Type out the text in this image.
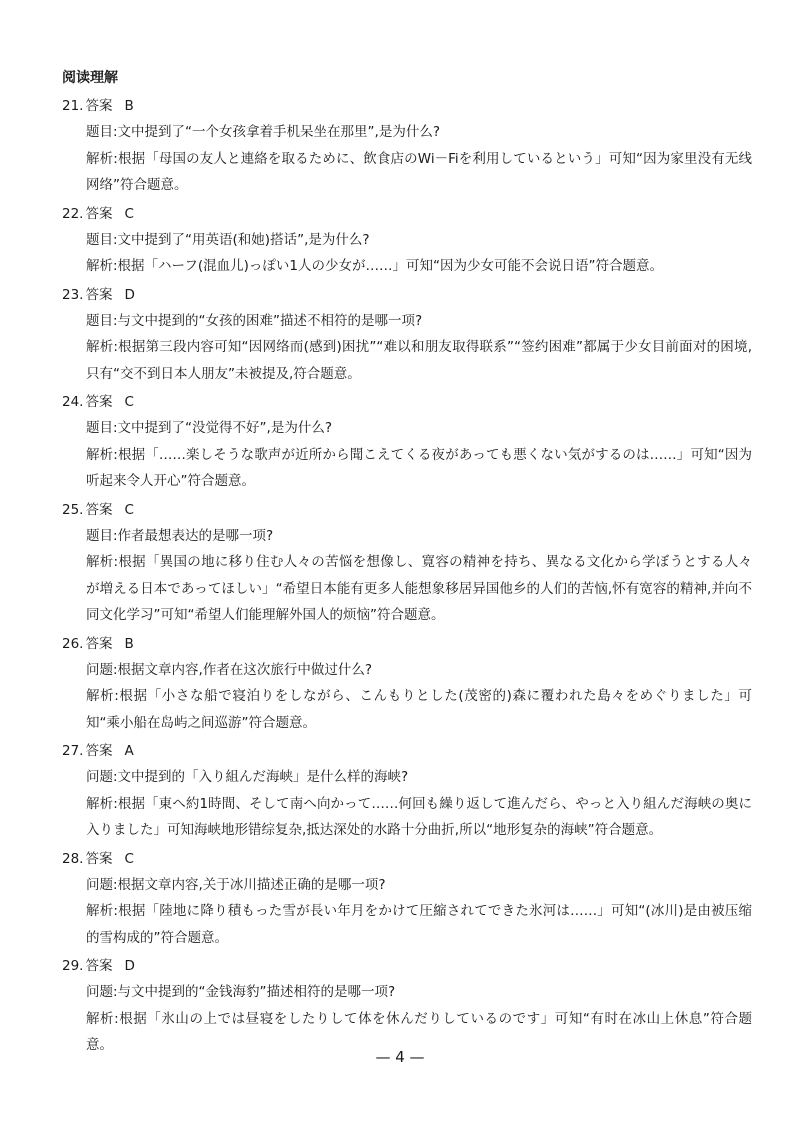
阅读理解
21. 答案 B

题目:文中提到了“一个女孩拿着手机呆坐在那里”,是为什么?

解析:根据「母国の友人と連絡を取るために、飲食店のWi－Fiを利用しているという」可知“因为家里没有无线网络”符合题意。

22. 答案 C

题目:文中提到了“用英语(和她)搭话”,是为什么?

解析:根据「ハーフ(混血儿)っぽい1人の少女が……」可知“因为少女可能不会说日语”符合题意。

23. 答案 D

题目:与文中提到的“女孩的困难”描述不相符的是哪一项?

解析:根据第三段内容可知“因网络而(感到)困扰”“难以和朋友取得联系”“签约困难”都属于少女目前面对的困境,只有“交不到日本人朋友”未被提及,符合题意。

24. 答案 C

题目:文中提到了“没觉得不好”,是为什么?

解析:根据「……楽しそうな歌声が近所から聞こえてくる夜があっても悪くない気がするのは……」可知“因为听起来令人开心”符合题意。

25. 答案 C

题目:作者最想表达的是哪一项?

解析:根据「異国の地に移り住む人々の苦悩を想像し、寛容の精神を持ち、異なる文化から学ぼうとする人々が増える日本であってほしい」“希望日本能有更多人能想象移居异国他乡的人们的苦恼,怀有宽容的精神,并向不同文化学习”可知“希望人们能理解外国人的烦恼”符合题意。

26. 答案 B

问题:根据文章内容,作者在这次旅行中做过什么?

解析:根据「小さな船で寝泊りをしながら、こんもりとした(茂密的)森に覆われた島々をめぐりました」可知“乘小船在岛屿之间巡游”符合题意。

27. 答案 A

问题:文中提到的「入り組んだ海峡」是什么样的海峡?

解析:根据「東へ約1時間、そして南へ向かって……何回も繰り返して進んだら、やっと入り組んだ海峡の奥に入りました」可知海峡地形错综复杂,抵达深处的水路十分曲折,所以“地形复杂的海峡”符合题意。

28. 答案 C

问题:根据文章内容,关于冰川描述正确的是哪一项?

解析:根据「陸地に降り積もった雪が長い年月をかけて圧縮されてできた氷河は……」可知“(冰川)是由被压缩的雪构成的”符合题意。

29. 答案 D

问题:与文中提到的“金钱海豹”描述相符的是哪一项?

解析:根据「氷山の上では昼寝をしたりして体を休んだりしているのです」可知“有时在冰山上休息”符合题意。

— 4 —
